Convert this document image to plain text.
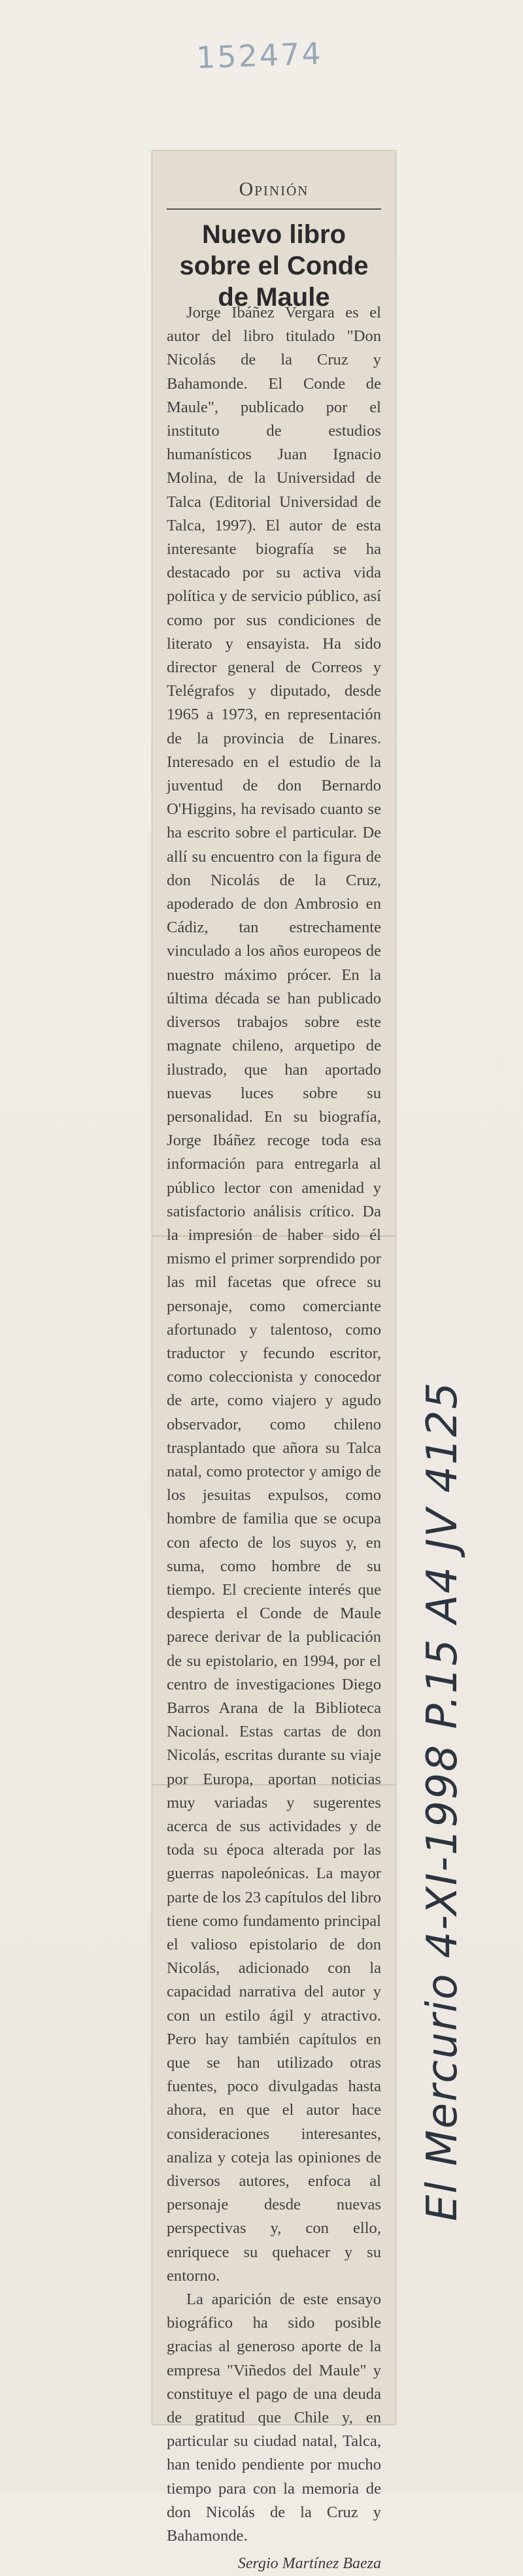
152474
Opinión
Nuevo libro sobre el Conde de Maule

Jorge Ibáñez Vergara es el autor del libro titulado "Don Nicolás de la Cruz y Bahamonde. El Conde de Maule", publicado por el instituto de estudios humanísticos Juan Ignacio Molina, de la Universidad de Talca (Editorial Universidad de Talca, 1997). El autor de esta interesante biografía se ha destacado por su activa vida política y de servicio público, así como por sus condiciones de literato y ensayista. Ha sido director general de Correos y Telégrafos y diputado, desde 1965 a 1973, en representación de la provincia de Linares. Interesado en el estudio de la juventud de don Bernardo O'Higgins, ha revisado cuanto se ha escrito sobre el particular. De allí su encuentro con la figura de don Nicolás de la Cruz, apoderado de don Ambrosio en Cádiz, tan estrechamente vinculado a los años europeos de nuestro máximo prócer. En la última década se han publicado diversos trabajos sobre este magnate chileno, arquetipo de ilustrado, que han aportado nuevas luces sobre su personalidad. En su biografía, Jorge Ibáñez recoge toda esa información para entregarla al público lector con amenidad y satisfactorio análisis crítico. Da la impresión de haber sido él mismo el primer sorprendido por las mil facetas que ofrece su personaje, como comerciante afortunado y talentoso, como traductor y fecundo escritor, como coleccionista y conocedor de arte, como viajero y agudo observador, como chileno trasplantado que añora su Talca natal, como protector y amigo de los jesuitas expulsos, como hombre de familia que se ocupa con afecto de los suyos y, en suma, como hombre de su tiempo. El creciente interés que despierta el Conde de Maule parece derivar de la publicación de su epistolario, en 1994, por el centro de investigaciones Diego Barros Arana de la Biblioteca Nacional. Estas cartas de don Nicolás, escritas durante su viaje por Europa, aportan noticias muy variadas y sugerentes acerca de sus actividades y de toda su época alterada por las guerras napoleónicas. La mayor parte de los 23 capítulos del libro tiene como fundamento principal el valioso epistolario de don Nicolás, adicionado con la capacidad narrativa del autor y con un estilo ágil y atractivo. Pero hay también capítulos en que se han utilizado otras fuentes, poco divulgadas hasta ahora, en que el autor hace consideraciones interesantes, analiza y coteja las opiniones de diversos autores, enfoca al personaje desde nuevas perspectivas y, con ello, enriquece su quehacer y su entorno.

La aparición de este ensayo biográfico ha sido posible gracias al generoso aporte de la empresa "Viñedos del Maule" y constituye el pago de una deuda de gratitud que Chile y, en particular su ciudad natal, Talca, han tenido pendiente por mucho tiempo para con la memoria de don Nicolás de la Cruz y Bahamonde.

Sergio Martínez Baeza
El Mercurio 4-XI-1998 P.15 A4 JV 4125
